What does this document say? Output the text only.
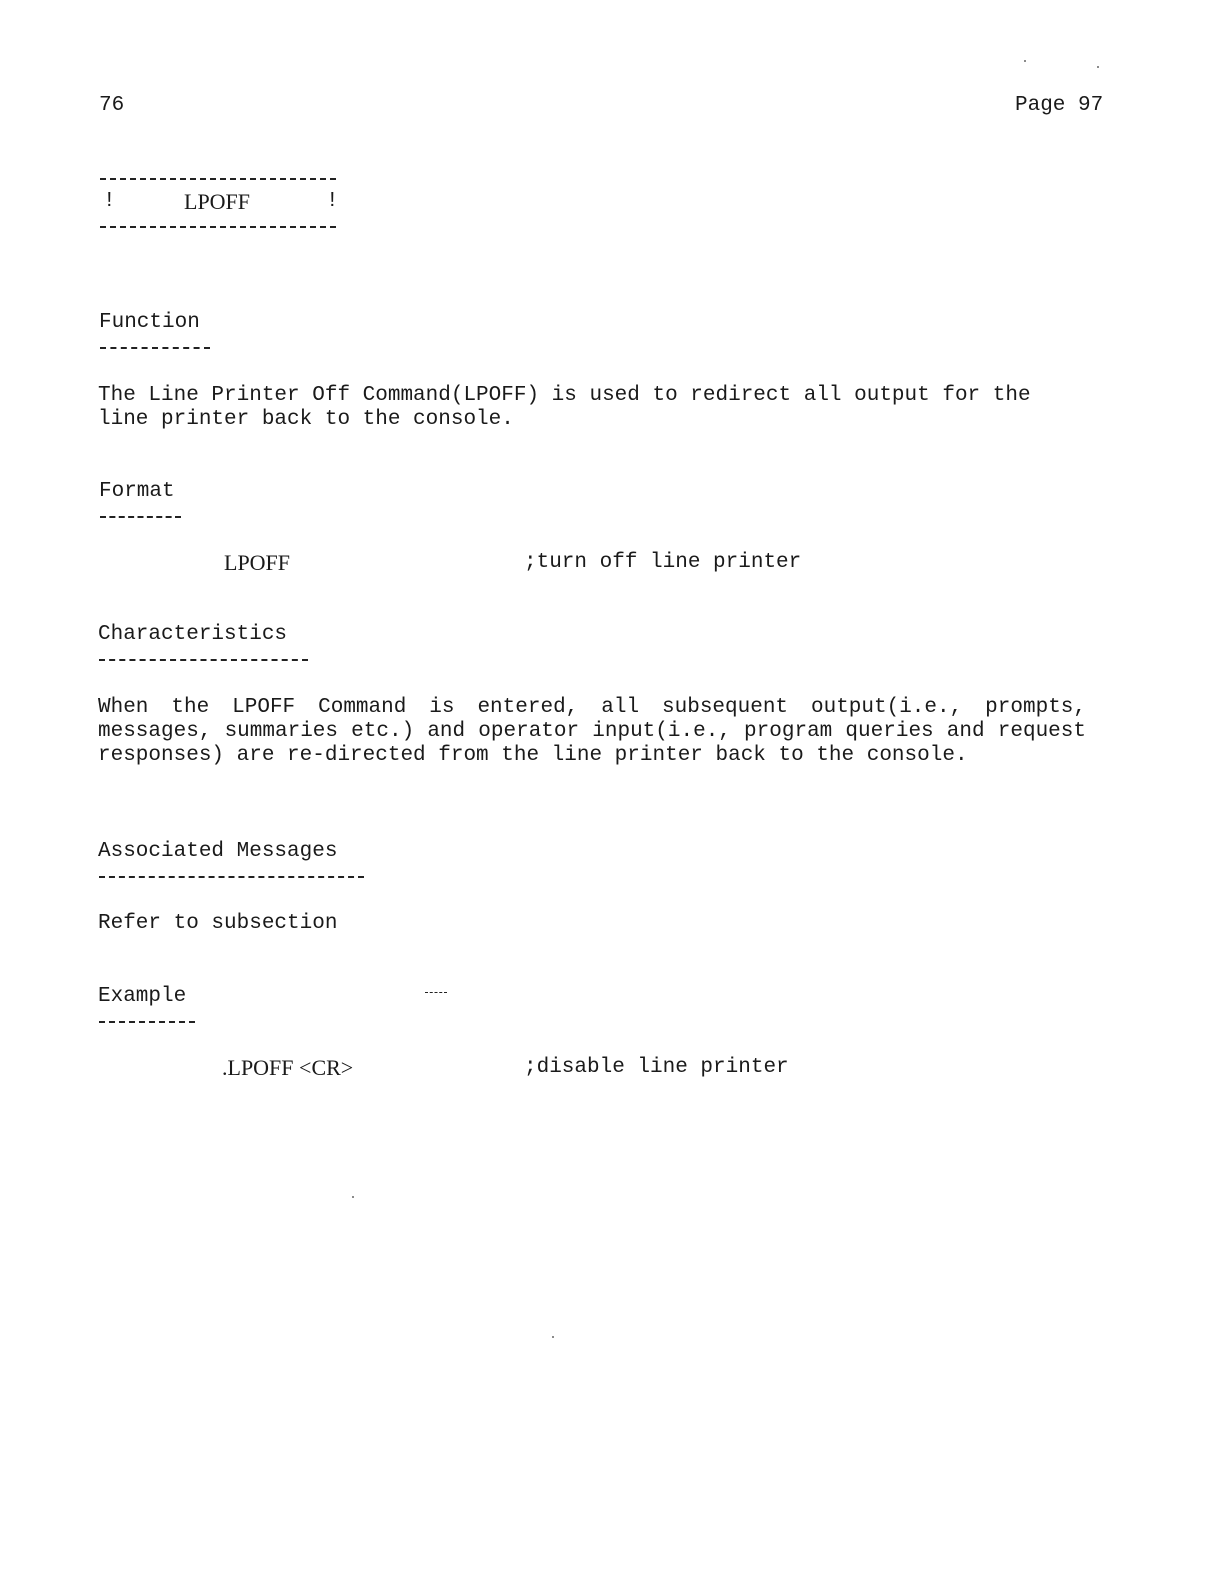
76	Page 97
!	LPOFF	!
Function
The Line Printer Off Command(LPOFF) is used to redirect all output for the line printer back to the console.
Format
LPOFF	;turn off line printer
Characteristics
When the LPOFF Command is entered, all subsequent output(i.e., prompts, messages, summaries etc.) and operator input(i.e., program queries and request responses) are re-directed from the line printer back to the console.
Associated Messages
Refer to subsection
Example
.LPOFF <CR>	;disable line printer
